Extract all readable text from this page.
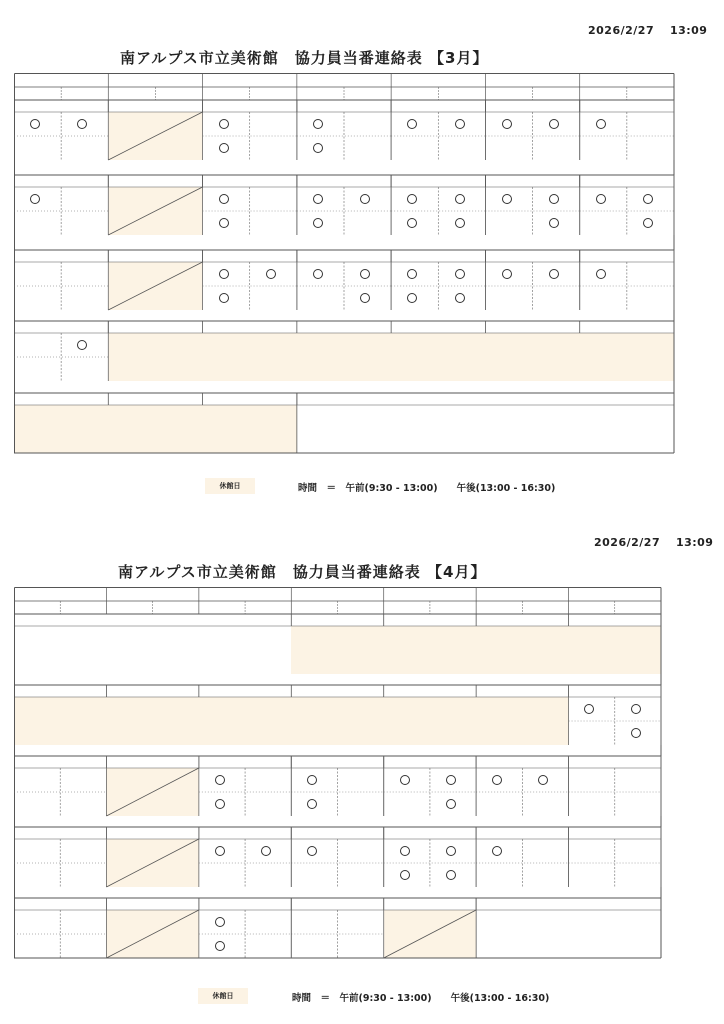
2026/2/27　 13:09
南アルプス市立美術館　協力員当番連絡表 【3月】
休館日	時間　＝　午前(9:30 - 13:00)　　午後(13:00 - 16:30)
2026/2/27　 13:09
南アルプス市立美術館　協力員当番連絡表 【4月】
休館日	時間　＝　午前(9:30 - 13:00)　　午後(13:00 - 16:30)
